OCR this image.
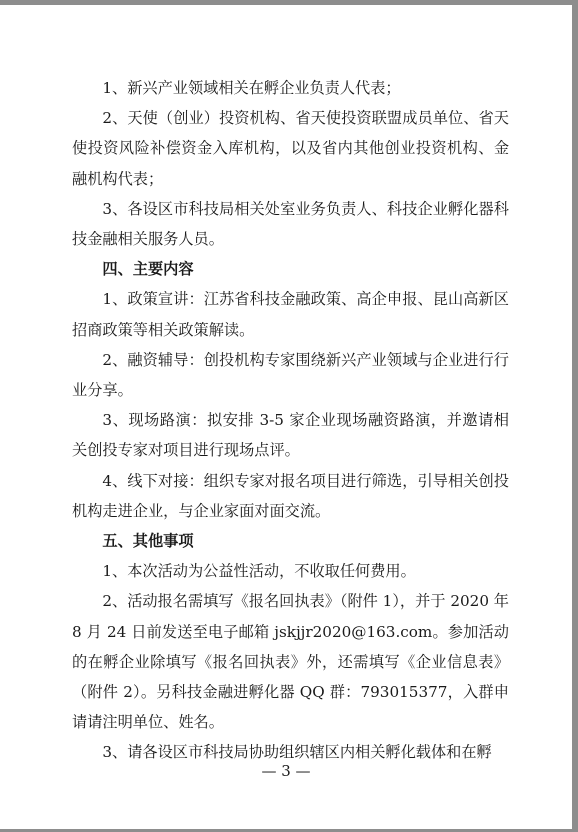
1、新兴产业领域相关在孵企业负责人代表；

2、天使（创业）投资机构、省天使投资联盟成员单位、省天使投资风险补偿资金入库机构，以及省内其他创业投资机构、金融机构代表；

3、各设区市科技局相关处室业务负责人、科技企业孵化器科技金融相关服务人员。

四、主要内容

1、政策宣讲：江苏省科技金融政策、高企申报、昆山高新区招商政策等相关政策解读。

2、融资辅导：创投机构专家围绕新兴产业领域与企业进行行业分享。

3、现场路演：拟安排 3-5 家企业现场融资路演，并邀请相关创投专家对项目进行现场点评。

4、线下对接：组织专家对报名项目进行筛选，引导相关创投机构走进企业，与企业家面对面交流。

五、其他事项

1、本次活动为公益性活动，不收取任何费用。

2、活动报名需填写《报名回执表》（附件 1），并于 2020 年 8 月 24 日前发送至电子邮箱 jskjjr2020@163.com。参加活动的在孵企业除填写《报名回执表》外，还需填写《企业信息表》（附件 2）。另科技金融进孵化器 QQ 群：793015377，入群申请请注明单位、姓名。

3、请各设区市科技局协助组织辖区内相关孵化载体和在孵

— 3 —
